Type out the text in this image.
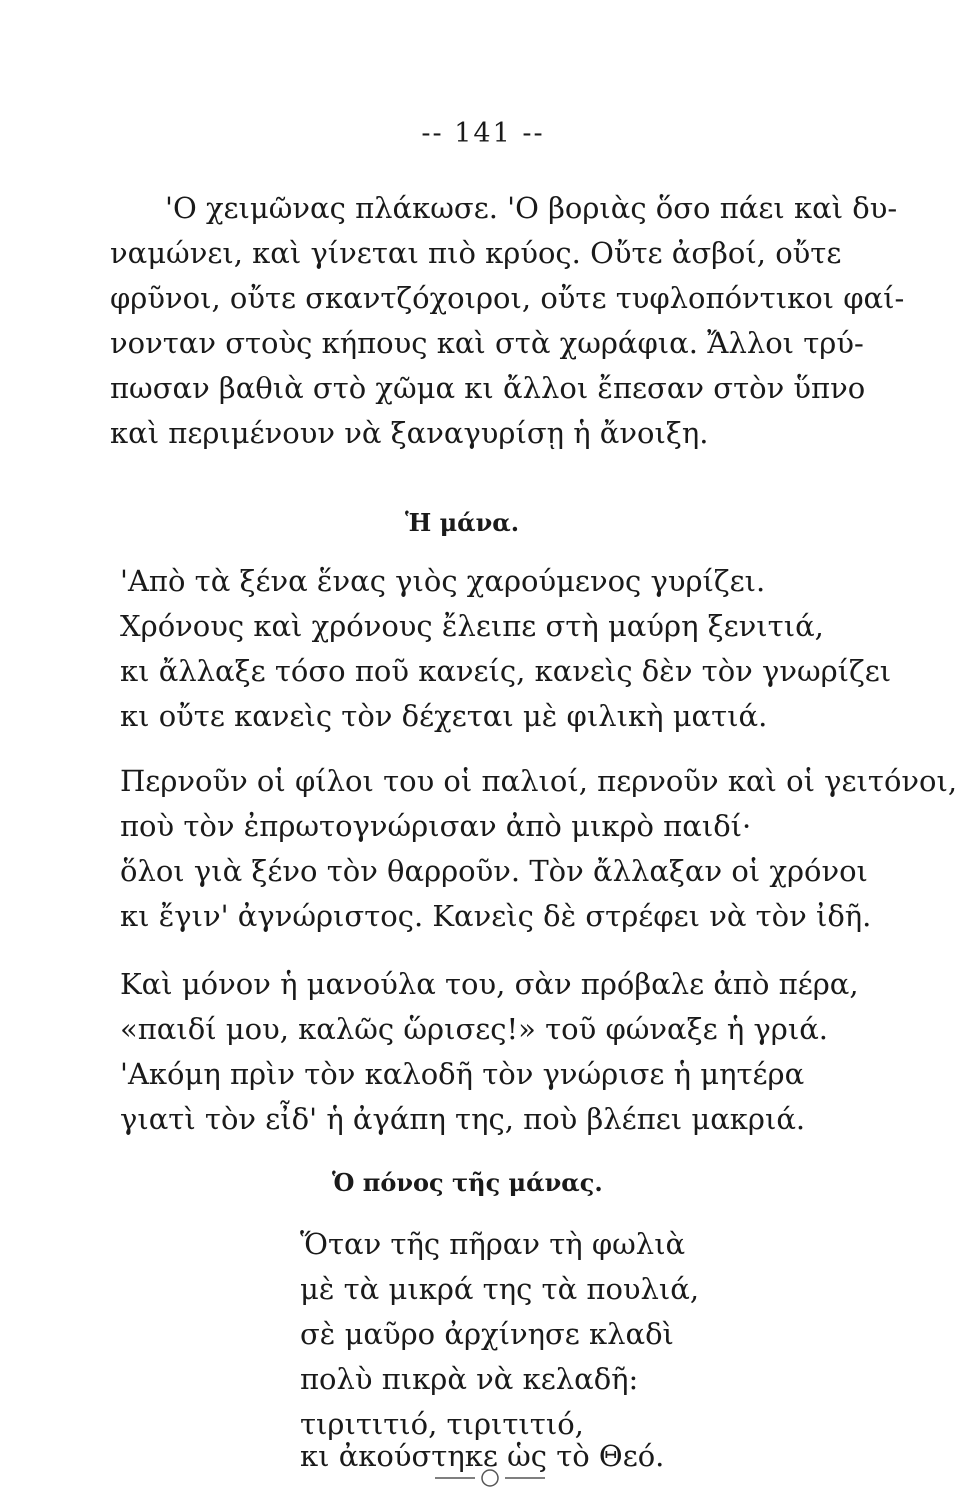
-- 141 --
'Ο χειμῶνας πλάκωσε. 'Ο βοριὰς ὅσο πάει καὶ δυ-
ναμώνει, καὶ γίνεται πιὸ κρύος. Οὔτε ἀσβοί, οὔτε
φρῦνοι, οὔτε σκαντζόχοιροι, οὔτε τυφλοπόντικοι φαί-
νονταν στοὺς κήπους καὶ στὰ χωράφια. Ἄλλοι τρύ-
πωσαν βαθιὰ στὸ χῶμα κι ἄλλοι ἔπεσαν στὸν ὕπνο
καὶ περιμένουν νὰ ξαναγυρίσῃ ἡ ἄνοιξη.
Ἡ μάνα.
'Απὸ τὰ ξένα ἕνας γιὸς χαρούμενος γυρίζει.
Χρόνους καὶ χρόνους ἔλειπε στὴ μαύρη ξενιτιά,
κι ἄλλαξε τόσο ποῦ κανείς, κανεὶς δὲν τὸν γνωρίζει
κι οὔτε κανεὶς τὸν δέχεται μὲ φιλικὴ ματιά.
Περνοῦν οἱ φίλοι του οἱ παλιοί, περνοῦν καὶ οἱ γειτόνοι,
ποὺ τὸν ἐπρωτογνώρισαν ἀπὸ μικρὸ παιδί·
ὅλοι γιὰ ξένο τὸν θαρροῦν. Τὸν ἄλλαξαν οἱ χρόνοι
κι ἔγιν' ἀγνώριστος. Κανεὶς δὲ στρέφει νὰ τὸν ἰδῆ.
Καὶ μόνον ἡ μανούλα του, σὰν πρόβαλε ἀπὸ πέρα,
«παιδί μου, καλῶς ὥρισες!» τοῦ φώναξε ἡ γριά.
'Ακόμη πρὶν τὸν καλοδῆ τὸν γνώρισε ἡ μητέρα
γιατὶ τὸν εἶδ' ἡ ἀγάπη της, ποὺ βλέπει μακριά.
Ὁ πόνος τῆς μάνας.
Ὅταν τῆς πῆραν τὴ φωλιὰ
μὲ τὰ μικρά της τὰ πουλιά,
σὲ μαῦρο ἀρχίνησε κλαδὶ
πολὺ πικρὰ νὰ κελαδῆ:
τιριτιτιό, τιριτιτιό,
κι ἀκούστηκε ὡς τὸ Θεό.
